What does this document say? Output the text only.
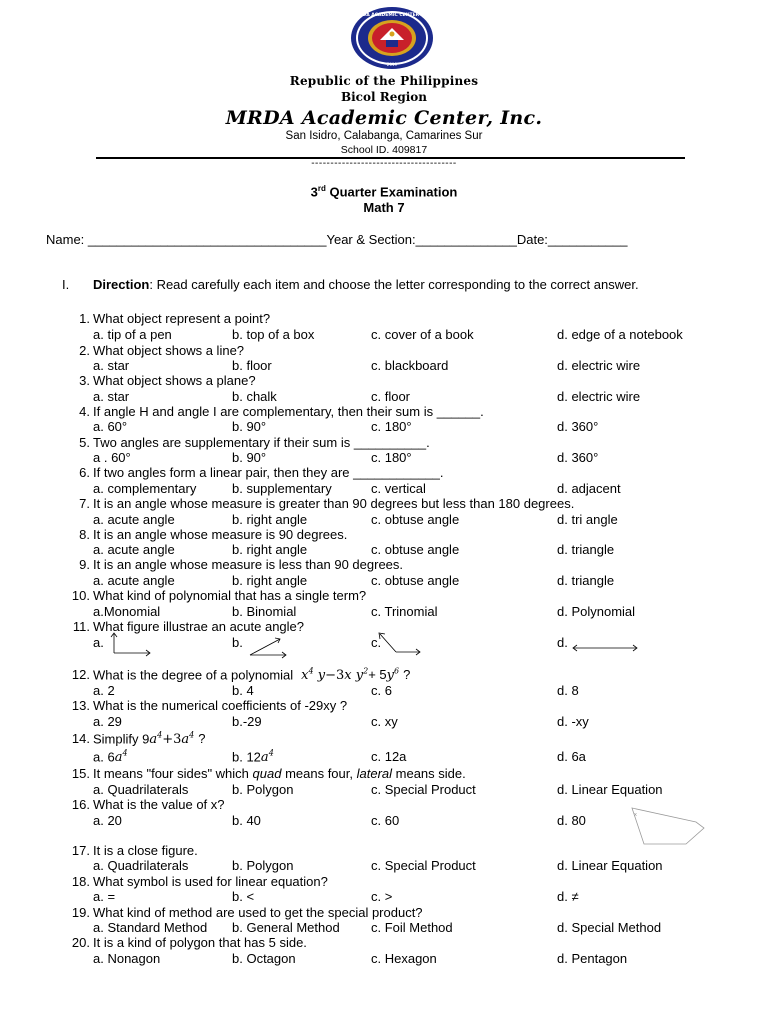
2019
MRDA ACADEMIC CENTER INC
Republic of the Philippines
Bicol Region
MRDA Academic Center, Inc.
San Isidro, Calabanga, Camarines Sur
School ID. 409817
--------------------------------------
3rd Quarter Examination
Math 7
Name: _________________________________Year & Section:______________Date:___________
I. Direction: Read carefully each item and choose the letter corresponding to the correct answer.
1. What object represent a point?
a. tip of a pen	b. top of a box	c. cover of a book	d. edge of a notebook
2. What object shows a line?
a. star	b. floor	c. blackboard	d. electric wire
3. What object shows a plane?
a. star	b. chalk	c. floor	d. electric wire
4. If angle H and angle I are complementary, then their sum is ______.
a. 60°	b. 90°	c. 180°	d. 360°
5. Two angles are supplementary if their sum is __________.
a . 60°	b. 90°	c. 180°	d. 360°
6. If two angles form a linear pair, then they are ____________.
a. complementary	b. supplementary	c. vertical	d. adjacent
7. It is an angle whose measure is greater than 90 degrees but less than 180 degrees.
a. acute angle	b. right angle	c. obtuse angle	d. tri angle
8. It is an angle whose measure is 90 degrees.
a. acute angle	b. right angle	c. obtuse angle	d. triangle
9. It is an angle whose measure is less than 90 degrees.
a. acute angle	b. right angle	c. obtuse angle	d. triangle
10. What kind of polynomial that has a single term?
a.Monomial	b. Binomial	c. Trinomial	d. Polynomial
11. What figure illustrae an acute angle?
a.	b.	c.	d.
12. What is the degree of a polynomial $x^4$ y−3x $y^2+ 5y^6$ ?
a. 2	b. 4	c. 6	d. 8
13. What is the numerical coefficients of -29xy ?
a. 29	b.-29	c. xy	d. -xy
14. Simplify $9a^4+3a^4$ ?
a. $6a^4$	b. $12a^4$	c. 12a	d. 6a
15. It means "four sides" which quad means four, lateral means side.
a. Quadrilaterals	b. Polygon	c. Special Product	d. Linear Equation
16. What is the value of x?
a. 20	b. 40	c. 60	d. 80
17. It is a close figure.
a. Quadrilaterals	b. Polygon	c. Special Product	d. Linear Equation
18. What symbol is used for linear equation?
a. =	b. <	c. >	d. ≠
19. What kind of method are used to get the special product?
a. Standard Method b. General Method c. Foil Method	d. Special Method
20. It is a kind of polygon that has 5 side.
a. Nonagon	b. Octagon	c. Hexagon	d. Pentagon
x
